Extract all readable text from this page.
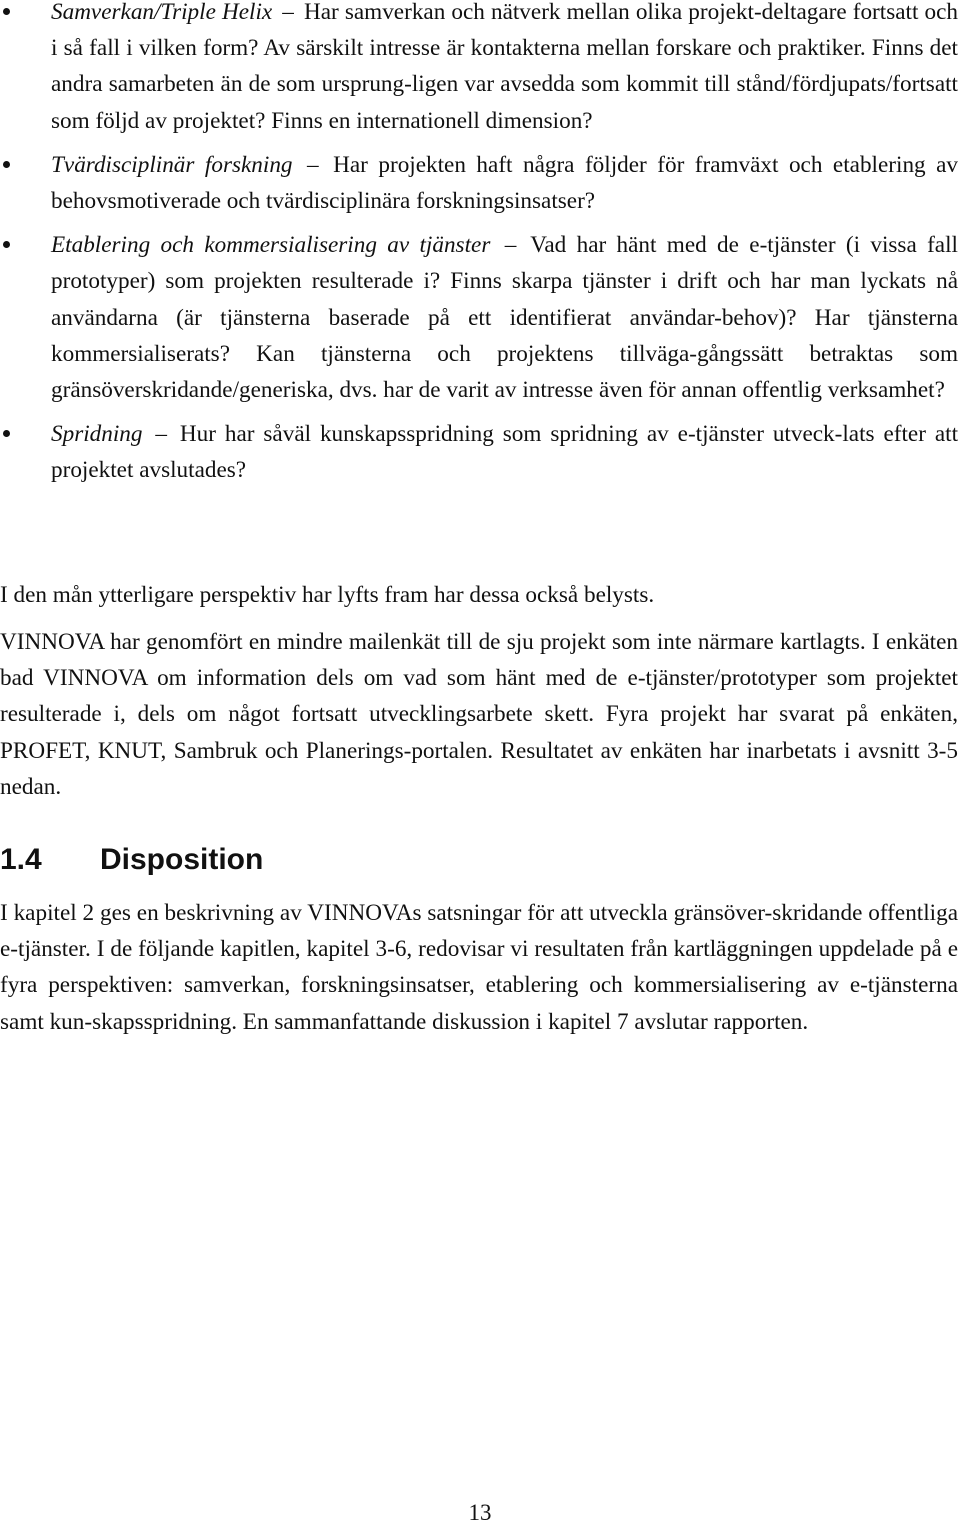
Samverkan/Triple Helix – Har samverkan och nätverk mellan olika projekt-deltagare fortsatt och i så fall i vilken form? Av särskilt intresse är kontakterna mellan forskare och praktiker. Finns det andra samarbeten än de som ursprung-ligen var avsedda som kommit till stånd/fördjupats/fortsatt som följd av projektet? Finns en internationell dimension?
Tvärdisciplinär forskning – Har projekten haft några följder för framväxt och etablering av behovsmotiverade och tvärdisciplinära forskningsinsatser?
Etablering och kommersialisering av tjänster – Vad har hänt med de e-tjänster (i vissa fall prototyper) som projekten resulterade i? Finns skarpa tjänster i drift och har man lyckats nå användarna (är tjänsterna baserade på ett identifierat användar-behov)? Har tjänsterna kommersialiserats? Kan tjänsterna och projektens tillväga-gångssätt betraktas som gränsöverskridande/generiska, dvs. har de varit av intresse även för annan offentlig verksamhet?
Spridning – Hur har såväl kunskapsspridning som spridning av e-tjänster utveck-lats efter att projektet avslutades?

I den mån ytterligare perspektiv har lyfts fram har dessa också belysts.

VINNOVA har genomfört en mindre mailenkät till de sju projekt som inte närmare kartlagts. I enkäten bad VINNOVA om information dels om vad som hänt med de e-tjänster/prototyper som projektet resulterade i, dels om något fortsatt utvecklingsarbete skett. Fyra projekt har svarat på enkäten, PROFET, KNUT, Sambruk och Planerings-portalen. Resultatet av enkäten har inarbetats i avsnitt 3-5 nedan.

1.4 Disposition

I kapitel 2 ges en beskrivning av VINNOVAs satsningar för att utveckla gränsöver-skridande offentliga e-tjänster. I de följande kapitlen, kapitel 3-6, redovisar vi resultaten från kartläggningen uppdelade på e fyra perspektiven: samverkan, forskningsinsatser, etablering och kommersialisering av e-tjänsterna samt kun-skapsspridning. En sammanfattande diskussion i kapitel 7 avslutar rapporten.

13
